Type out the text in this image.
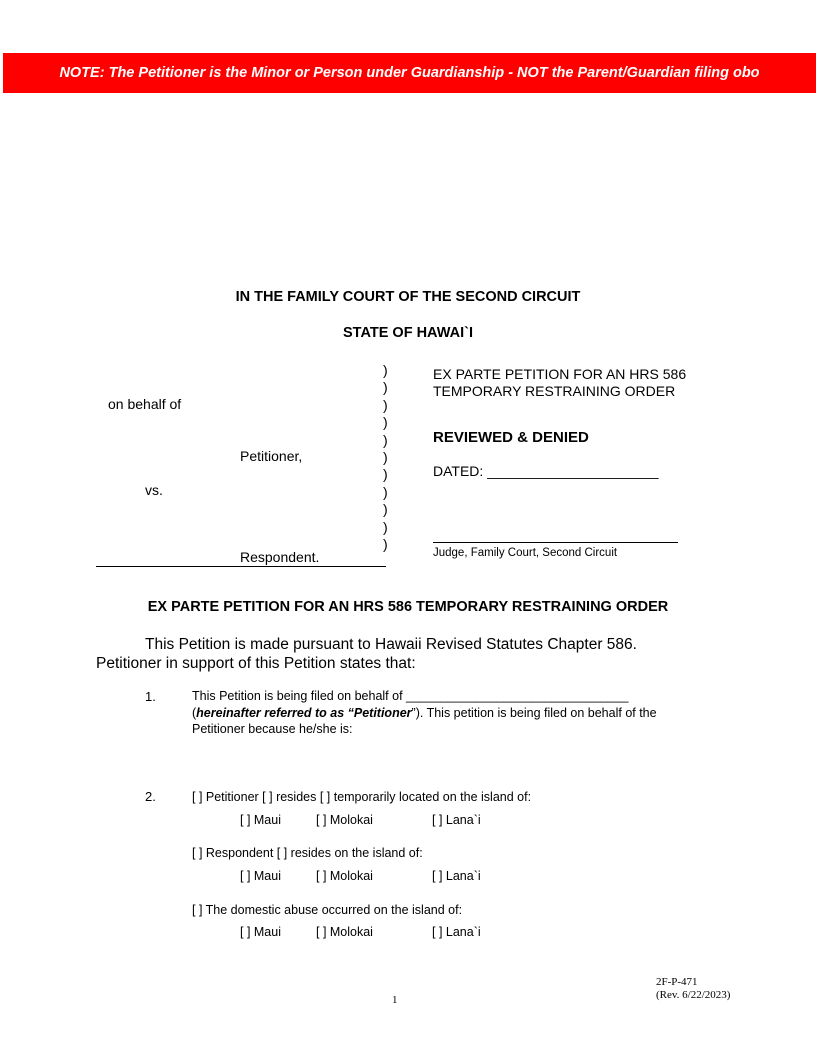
NOTE: The Petitioner is the Minor or Person under Guardianship - NOT the Parent/Guardian filing obo
IN THE FAMILY COURT OF THE SECOND CIRCUIT
STATE OF HAWAI`I
on behalf of
Petitioner,
vs.
Respondent.
)
)
)
)
)
)
)
)
)
)
)
EX PARTE PETITION FOR AN HRS 586
TEMPORARY RESTRAINING ORDER
REVIEWED & DENIED
DATED: ______________________
Judge, Family Court, Second Circuit
EX PARTE PETITION FOR AN HRS 586 TEMPORARY RESTRAINING ORDER
This Petition is made pursuant to Hawaii Revised Statutes Chapter 586.
Petitioner in support of this Petition states that:
1.	This Petition is being filed on behalf of ________________________________
(hereinafter referred to as “Petitioner”). This petition is being filed on behalf of the
Petitioner because he/she is:
2.	[ ] Petitioner [ ] resides [ ] temporarily located on the island of:
[ ] Respondent [ ] resides on the island of:
[ ] The domestic abuse occurred on the island of:
[ ] Maui	[ ] Molokai	[ ] Lana`i
[ ] Maui	[ ] Molokai	[ ] Lana`i
[ ] Maui	[ ] Molokai	[ ] Lana`i
1
2F-P-471
(Rev. 6/22/2023)
